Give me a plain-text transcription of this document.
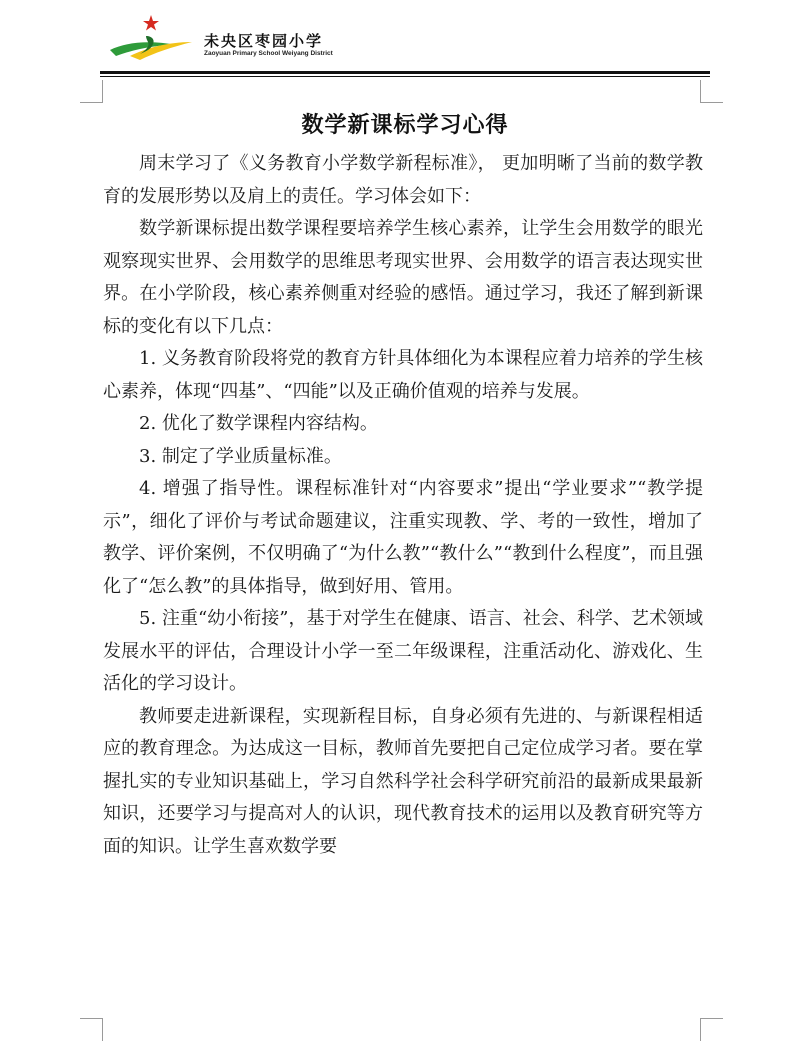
未央区枣园小学
Zaoyuan Primary School Weiyang District
数学新课标学习心得

周末学习了《义务教育小学数学新程标准》， 更加明晰了当前的数学教育的发展形势以及肩上的责任。学习体会如下：

数学新课标提出数学课程要培养学生核心素养，让学生会用数学的眼光观察现实世界、会用数学的思维思考现实世界、会用数学的语言表达现实世界。在小学阶段，核心素养侧重对经验的感悟。通过学习，我还了解到新课标的变化有以下几点：

1. 义务教育阶段将党的教育方针具体细化为本课程应着力培养的学生核心素养，体现“四基”、“四能”以及正确价值观的培养与发展。

2. 优化了数学课程内容结构。

3. 制定了学业质量标准。

4. 增强了指导性。课程标准针对“内容要求”提出“学业要求”“教学提示”，细化了评价与考试命题建议，注重实现教、学、考的一致性，增加了教学、评价案例，不仅明确了“为什么教”“教什么”“教到什么程度”，而且强化了“怎么教”的具体指导，做到好用、管用。

5. 注重“幼小衔接”，基于对学生在健康、语言、社会、科学、艺术领域发展水平的评估，合理设计小学一至二年级课程，注重活动化、游戏化、生活化的学习设计。

教师要走进新课程，实现新程目标，自身必须有先进的、与新课程相适应的教育理念。为达成这一目标，教师首先要把自己定位成学习者。要在掌握扎实的专业知识基础上，学习自然科学社会科学研究前沿的最新成果最新知识，还要学习与提高对人的认识，现代教育技术的运用以及教育研究等方面的知识。让学生喜欢数学要
